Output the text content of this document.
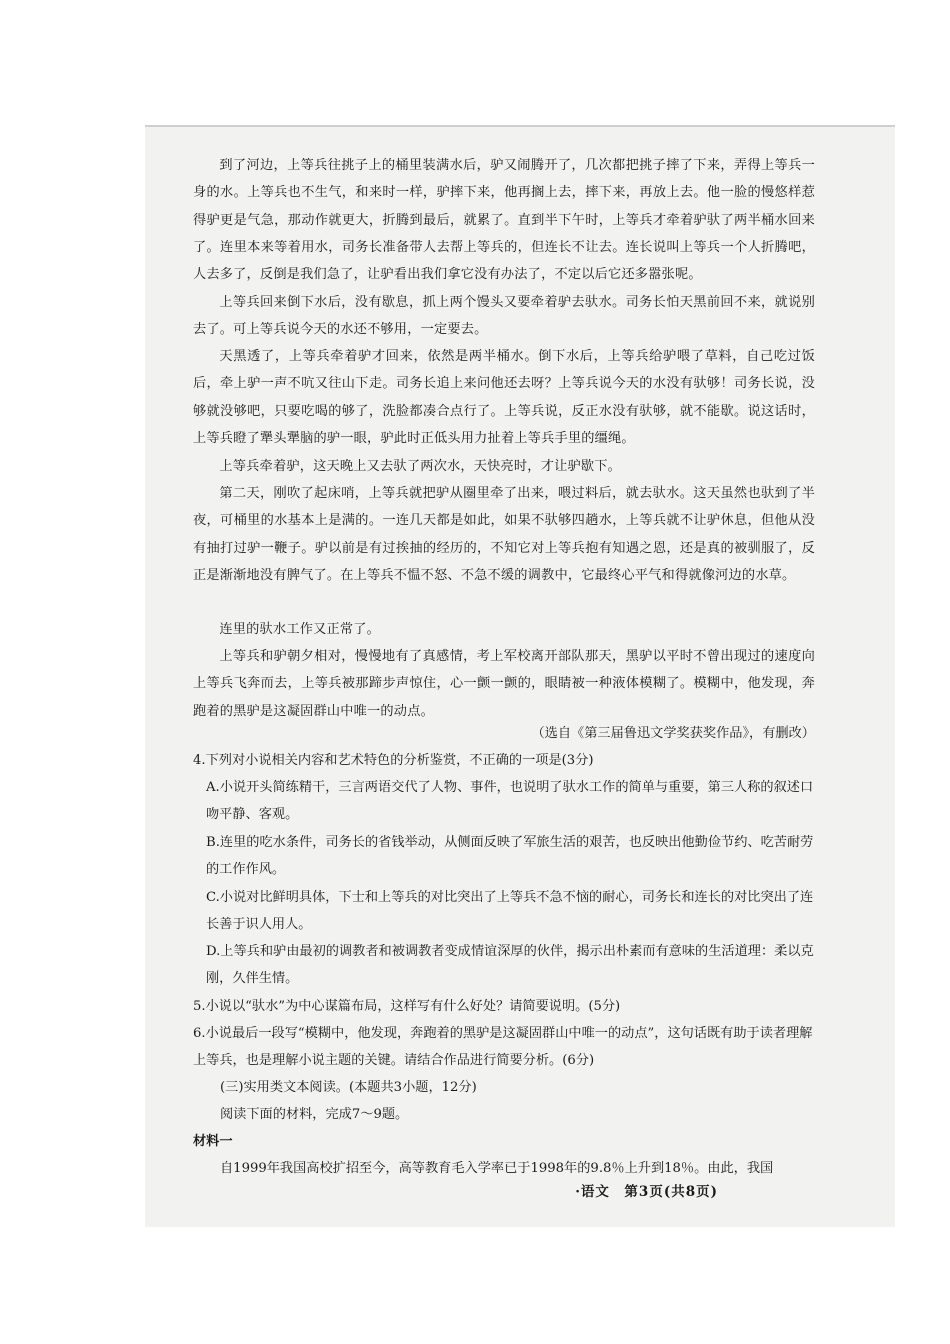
到了河边，上等兵往挑子上的桶里装满水后，驴又闹腾开了，几次都把挑子摔了下来，弄得上等兵一身的水。上等兵也不生气，和来时一样，驴摔下来，他再搁上去，摔下来，再放上去。他一脸的慢悠样惹得驴更是气急，那动作就更大，折腾到最后，就累了。直到半下午时，上等兵才牵着驴驮了两半桶水回来了。连里本来等着用水，司务长准备带人去帮上等兵的，但连长不让去。连长说叫上等兵一个人折腾吧，人去多了，反倒是我们急了，让驴看出我们拿它没有办法了，不定以后它还多嚣张呢。

上等兵回来倒下水后，没有歇息，抓上两个馒头又要牵着驴去驮水。司务长怕天黑前回不来，就说别去了。可上等兵说今天的水还不够用，一定要去。

天黑透了，上等兵牵着驴才回来，依然是两半桶水。倒下水后，上等兵给驴喂了草料，自己吃过饭后，牵上驴一声不吭又往山下走。司务长追上来问他还去呀？上等兵说今天的水没有驮够！司务长说，没够就没够吧，只要吃喝的够了，洗脸都凑合点行了。上等兵说，反正水没有驮够，就不能歇。说这话时，上等兵瞪了犟头犟脑的驴一眼，驴此时正低头用力扯着上等兵手里的缰绳。

上等兵牵着驴，这天晚上又去驮了两次水，天快亮时，才让驴歇下。

第二天，刚吹了起床哨，上等兵就把驴从圈里牵了出来，喂过料后，就去驮水。这天虽然也驮到了半夜，可桶里的水基本上是满的。一连几天都是如此，如果不驮够四趟水，上等兵就不让驴休息，但他从没有抽打过驴一鞭子。驴以前是有过挨抽的经历的，不知它对上等兵抱有知遇之恩，还是真的被驯服了，反正是渐渐地没有脾气了。在上等兵不愠不怒、不急不缓的调教中，它最终心平气和得就像河边的水草。

连里的驮水工作又正常了。

上等兵和驴朝夕相对，慢慢地有了真感情，考上军校离开部队那天，黑驴以平时不曾出现过的速度向上等兵飞奔而去，上等兵被那蹄步声惊住，心一颤一颤的，眼睛被一种液体模糊了。模糊中，他发现，奔跑着的黑驴是这凝固群山中唯一的动点。

（选自《第三届鲁迅文学奖获奖作品》，有删改）
4.下列对小说相关内容和艺术特色的分析鉴赏，不正确的一项是(3分)
A.小说开头简练精干，三言两语交代了人物、事件，也说明了驮水工作的简单与重要，第三人称的叙述口吻平静、客观。
B.连里的吃水条件，司务长的省钱举动，从侧面反映了军旅生活的艰苦，也反映出他勤俭节约、吃苦耐劳的工作作风。
C.小说对比鲜明具体，下士和上等兵的对比突出了上等兵不急不恼的耐心，司务长和连长的对比突出了连长善于识人用人。
D.上等兵和驴由最初的调教者和被调教者变成情谊深厚的伙伴，揭示出朴素而有意味的生活道理：柔以克刚，久伴生情。
5.小说以“驮水”为中心谋篇布局，这样写有什么好处？请简要说明。(5分)
6.小说最后一段写“模糊中，他发现，奔跑着的黑驴是这凝固群山中唯一的动点”，这句话既有助于读者理解上等兵，也是理解小说主题的关键。请结合作品进行简要分析。(6分)
(三)实用类文本阅读。(本题共3小题，12分)
阅读下面的材料，完成7～9题。
材料一
自1999年我国高校扩招至今，高等教育毛入学率已于1998年的9.8％上升到18％。由此，我国
·语文　第3页(共8页)
